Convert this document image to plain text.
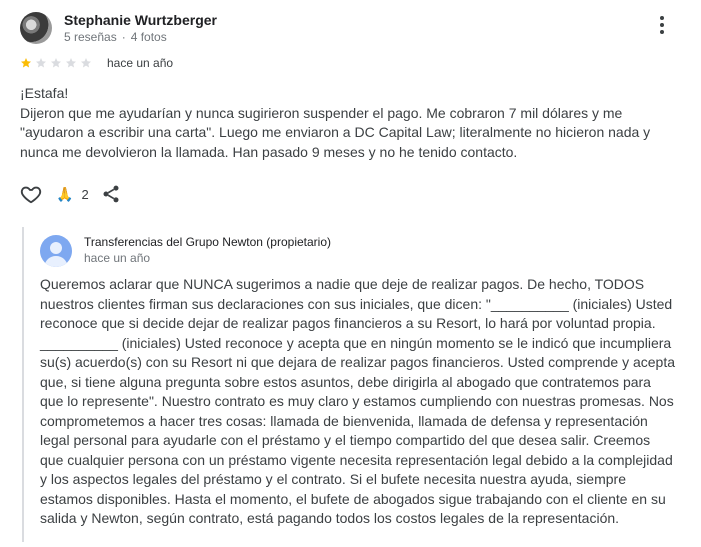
Stephanie Wurtzberger
5 reseñas · 4 fotos
hace un año

¡Estafa!

Dijeron que me ayudarían y nunca sugirieron suspender el pago. Me cobraron 7 mil dólares y me

"ayudaron a escribir una carta". Luego me enviaron a DC Capital Law; literalmente no hicieron nada y

nunca me devolvieron la llamada. Han pasado 9 meses y no he tenido contacto.

🙏 2
Transferencias del Grupo Newton (propietario)
hace un año

Queremos aclarar que NUNCA sugerimos a nadie que deje de realizar pagos. De hecho, TODOS

nuestros clientes firman sus declaraciones con sus iniciales, que dicen: "__________ (iniciales) Usted

reconoce que si decide dejar de realizar pagos financieros a su Resort, lo hará por voluntad propia.

__________ (iniciales) Usted reconoce y acepta que en ningún momento se le indicó que incumpliera

su(s) acuerdo(s) con su Resort ni que dejara de realizar pagos financieros. Usted comprende y acepta

que, si tiene alguna pregunta sobre estos asuntos, debe dirigirla al abogado que contratemos para

que lo represente". Nuestro contrato es muy claro y estamos cumpliendo con nuestras promesas. Nos

comprometemos a hacer tres cosas: llamada de bienvenida, llamada de defensa y representación

legal personal para ayudarle con el préstamo y el tiempo compartido del que desea salir. Creemos

que cualquier persona con un préstamo vigente necesita representación legal debido a la complejidad

y los aspectos legales del préstamo y el contrato. Si el bufete necesita nuestra ayuda, siempre

estamos disponibles. Hasta el momento, el bufete de abogados sigue trabajando con el cliente en su

salida y Newton, según contrato, está pagando todos los costos legales de la representación.
